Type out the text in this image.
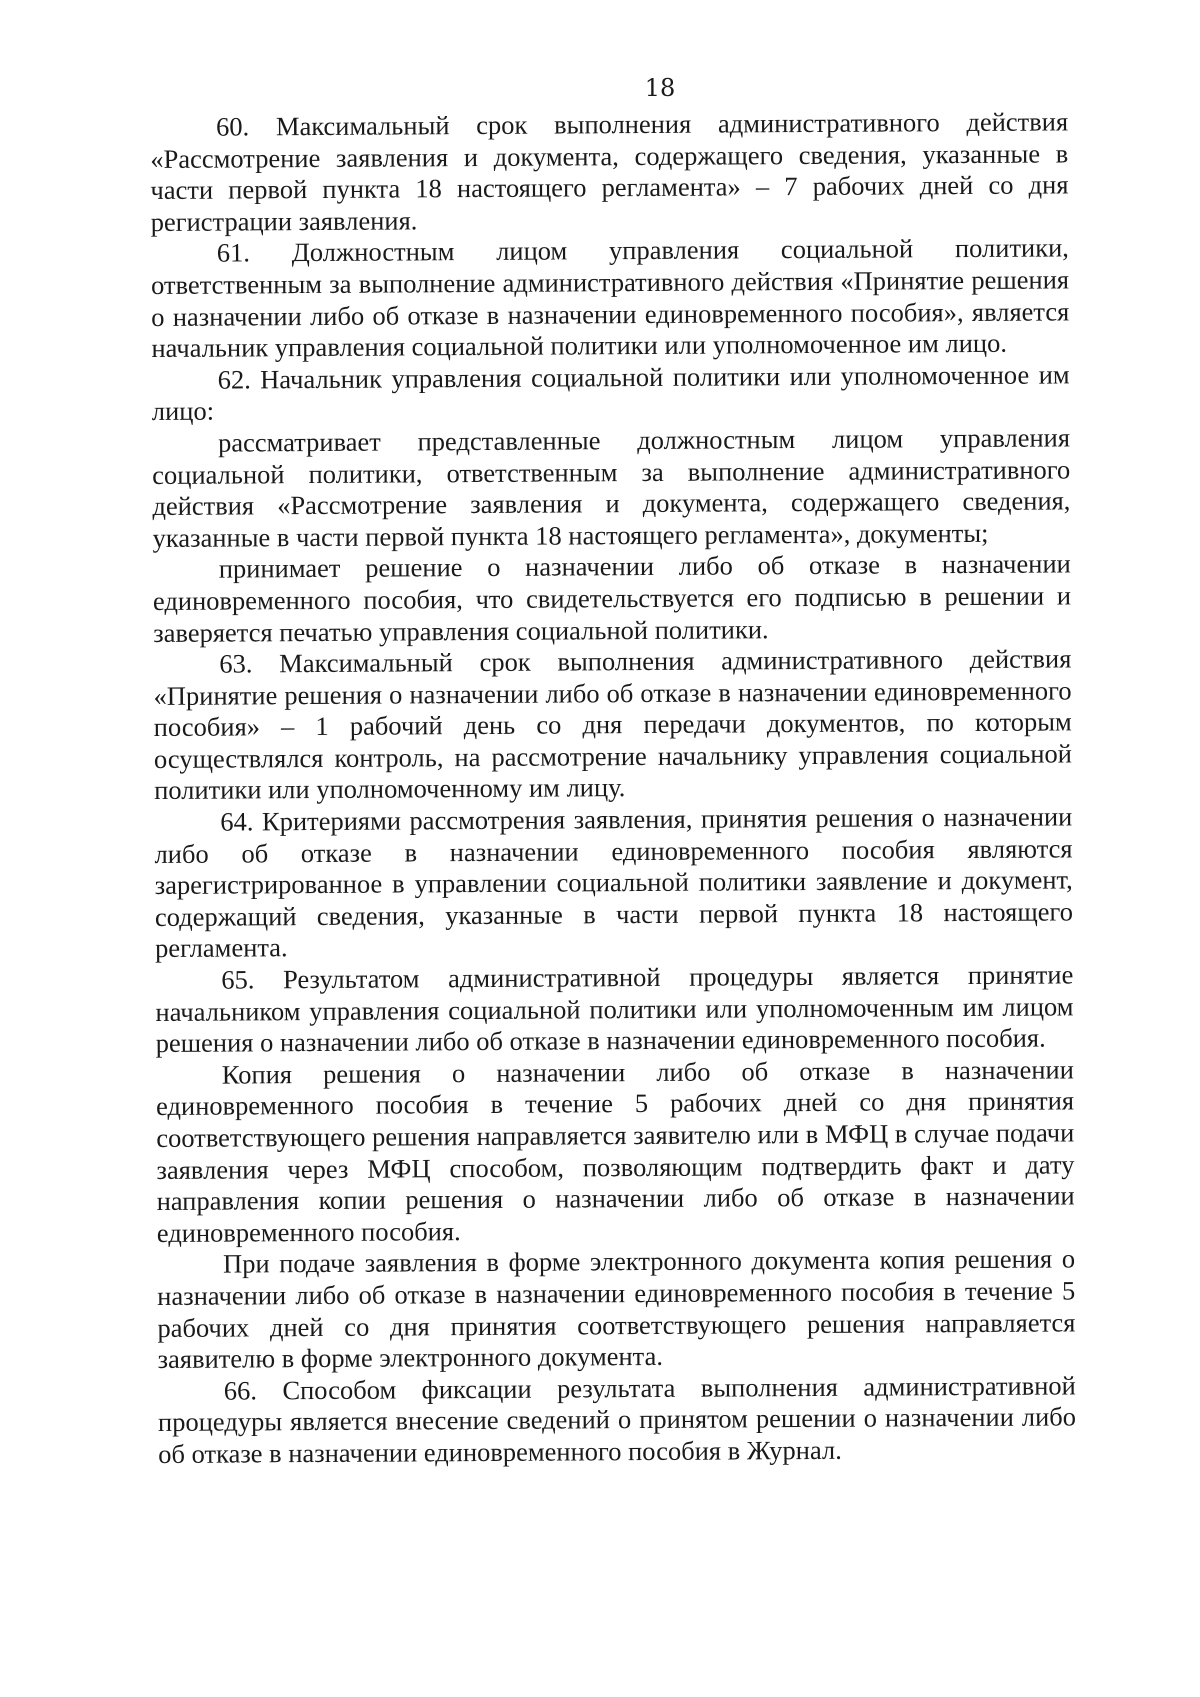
18

60. Максимальный срок выполнения административного действия «Рассмотрение заявления и документа, содержащего сведения, указанные в части первой пункта 18 настоящего регламента» – 7 рабочих дней со дня регистрации заявления.

61. Должностным лицом управления социальной политики, ответственным за выполнение административного действия «Принятие решения о назначении либо об отказе в назначении единовременного пособия», является начальник управления социальной политики или уполномоченное им лицо.

62. Начальник управления социальной политики или уполномоченное им лицо:

рассматривает представленные должностным лицом управления социальной политики, ответственным за выполнение административного действия «Рассмотрение заявления и документа, содержащего сведения, указанные в части первой пункта 18 настоящего регламента», документы;

принимает решение о назначении либо об отказе в назначении единовременного пособия, что свидетельствуется его подписью в решении и заверяется печатью управления социальной политики.

63. Максимальный срок выполнения административного действия «Принятие решения о назначении либо об отказе в назначении единовременного пособия» – 1 рабочий день со дня передачи документов, по которым осуществлялся контроль, на рассмотрение начальнику управления социальной политики или уполномоченному им лицу.

64. Критериями рассмотрения заявления, принятия решения о назначении либо об отказе в назначении единовременного пособия являются зарегистрированное в управлении социальной политики заявление и документ, содержащий сведения, указанные в части первой пункта 18 настоящего регламента.

65. Результатом административной процедуры является принятие начальником управления социальной политики или уполномоченным им лицом решения о назначении либо об отказе в назначении единовременного пособия.

Копия решения о назначении либо об отказе в назначении единовременного пособия в течение 5 рабочих дней со дня принятия соответствующего решения направляется заявителю или в МФЦ в случае подачи заявления через МФЦ способом, позволяющим подтвердить факт и дату направления копии решения о назначении либо об отказе в назначении единовременного пособия.

При подаче заявления в форме электронного документа копия решения о назначении либо об отказе в назначении единовременного пособия в течение 5 рабочих дней со дня принятия соответствующего решения направляется заявителю в форме электронного документа.

66. Способом фиксации результата выполнения административной процедуры является внесение сведений о принятом решении о назначении либо об отказе в назначении единовременного пособия в Журнал.
